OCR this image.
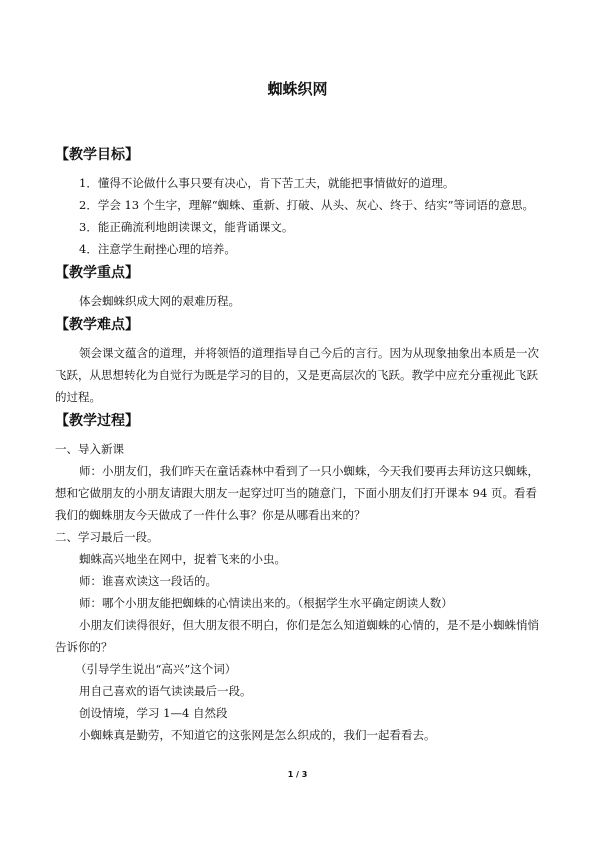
蜘蛛织网
【教学目标】

1．懂得不论做什么事只要有决心，肯下苦工夫，就能把事情做好的道理。

2．学会 13 个生字，理解“蜘蛛、重新、打破、从头、灰心、终于、结实”等词语的意思。

3．能正确流利地朗读课文，能背诵课文。

4．注意学生耐挫心理的培养。

【教学重点】

体会蜘蛛织成大网的艰难历程。

【教学难点】

领会课文蕴含的道理，并将领悟的道理指导自己今后的言行。因为从现象抽象出本质是一次飞跃，从思想转化为自觉行为既是学习的目的，又是更高层次的飞跃。教学中应充分重视此飞跃的过程。

【教学过程】

一、导入新课

师：小朋友们，我们昨天在童话森林中看到了一只小蜘蛛，今天我们要再去拜访这只蜘蛛，想和它做朋友的小朋友请跟大朋友一起穿过叮当的随意门，下面小朋友们打开课本 94 页。看看我们的蜘蛛朋友今天做成了一件什么事？你是从哪看出来的？

二、学习最后一段。

蜘蛛高兴地坐在网中，捉着飞来的小虫。

师：谁喜欢读这一段话的。

师：哪个小朋友能把蜘蛛的心情读出来的。（根据学生水平确定朗读人数）

小朋友们读得很好，但大朋友很不明白，你们是怎么知道蜘蛛的心情的，是不是小蜘蛛悄悄告诉你的？

（引导学生说出“高兴”这个词）

用自己喜欢的语气读读最后一段。

创设情境，学习 1—4 自然段

小蜘蛛真是勤劳，不知道它的这张网是怎么织成的，我们一起看看去。

1 / 3
